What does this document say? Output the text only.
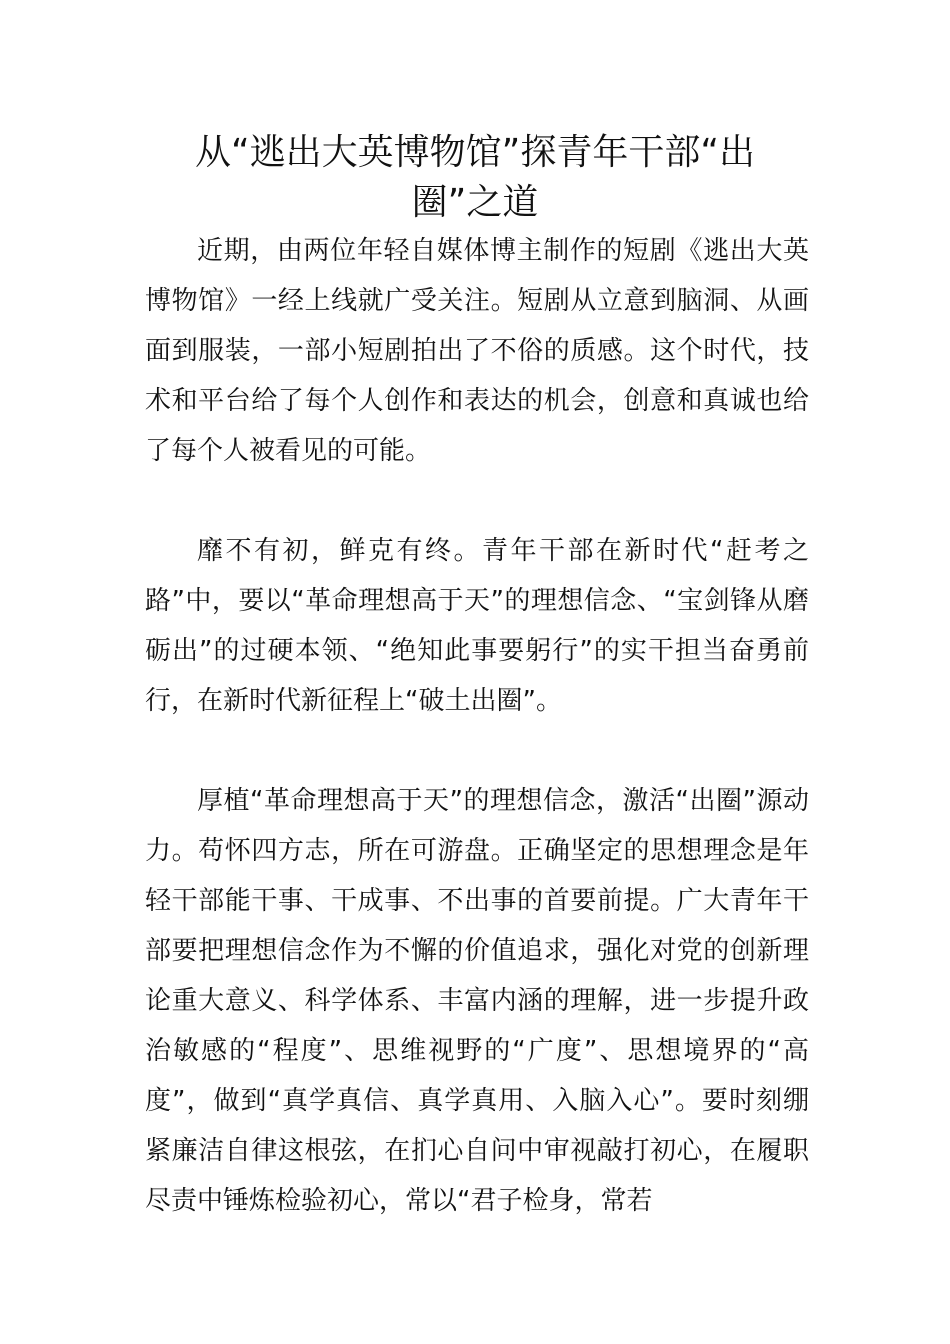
从“逃出大英博物馆”探青年干部“出圈”之道

近期，由两位年轻自媒体博主制作的短剧《逃出大英博物馆》一经上线就广受关注。短剧从立意到脑洞、从画面到服装，一部小短剧拍出了不俗的质感。这个时代，技术和平台给了每个人创作和表达的机会，创意和真诚也给了每个人被看见的可能。

靡不有初，鲜克有终。青年干部在新时代“赶考之路”中，要以“革命理想高于天”的理想信念、“宝剑锋从磨砺出”的过硬本领、“绝知此事要躬行”的实干担当奋勇前行，在新时代新征程上“破土出圈”。

厚植“革命理想高于天”的理想信念，激活“出圈”源动力。苟怀四方志，所在可游盘。正确坚定的思想理念是年轻干部能干事、干成事、不出事的首要前提。广大青年干部要把理想信念作为不懈的价值追求，强化对党的创新理论重大意义、科学体系、丰富内涵的理解，进一步提升政治敏感的“程度”、思维视野的“广度”、思想境界的“高度”，做到“真学真信、真学真用、入脑入心”。要时刻绷紧廉洁自律这根弦，在扪心自问中审视敲打初心，在履职尽责中锤炼检验初心，常以“君子检身，常若
